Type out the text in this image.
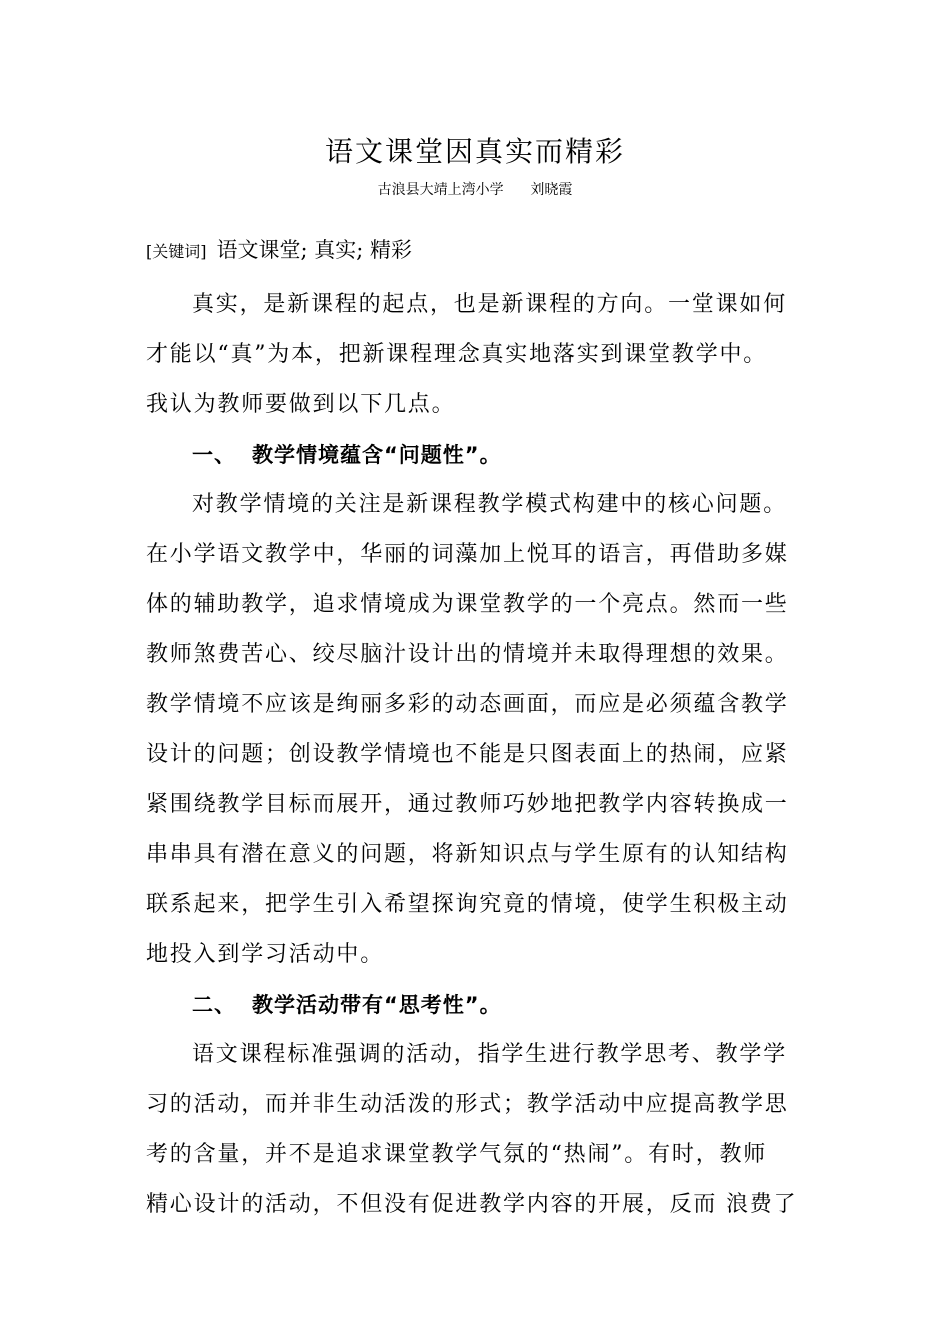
语文课堂因真实而精彩
古浪县大靖上湾小学      刘晓霞
[关键词] 语文课堂; 真实; 精彩
真实，是新课程的起点，也是新课程的方向。一堂课如何
才能以“真”为本，把新课程理念真实地落实到课堂教学中。
我认为教师要做到以下几点。
一、 教学情境蕴含“问题性”。
对教学情境的关注是新课程教学模式构建中的核心问题。
在小学语文教学中，华丽的词藻加上悦耳的语言，再借助多媒
体的辅助教学，追求情境成为课堂教学的一个亮点。然而一些
教师煞费苦心、绞尽脑汁设计出的情境并未取得理想的效果。
教学情境不应该是绚丽多彩的动态画面，而应是必须蕴含教学
设计的问题；创设教学情境也不能是只图表面上的热闹，应紧
紧围绕教学目标而展开，通过教师巧妙地把教学内容转换成一
串串具有潜在意义的问题，将新知识点与学生原有的认知结构
联系起来，把学生引入希望探询究竟的情境，使学生积极主动
地投入到学习活动中。
二、 教学活动带有“思考性”。
语文课程标准强调的活动，指学生进行教学思考、教学学
习的活动，而并非生动活泼的形式；教学活动中应提高教学思
考的含量，并不是追求课堂教学气氛的“热闹”。有时，教师
精心设计的活动，不但没有促进教学内容的开展，反而 浪费了
